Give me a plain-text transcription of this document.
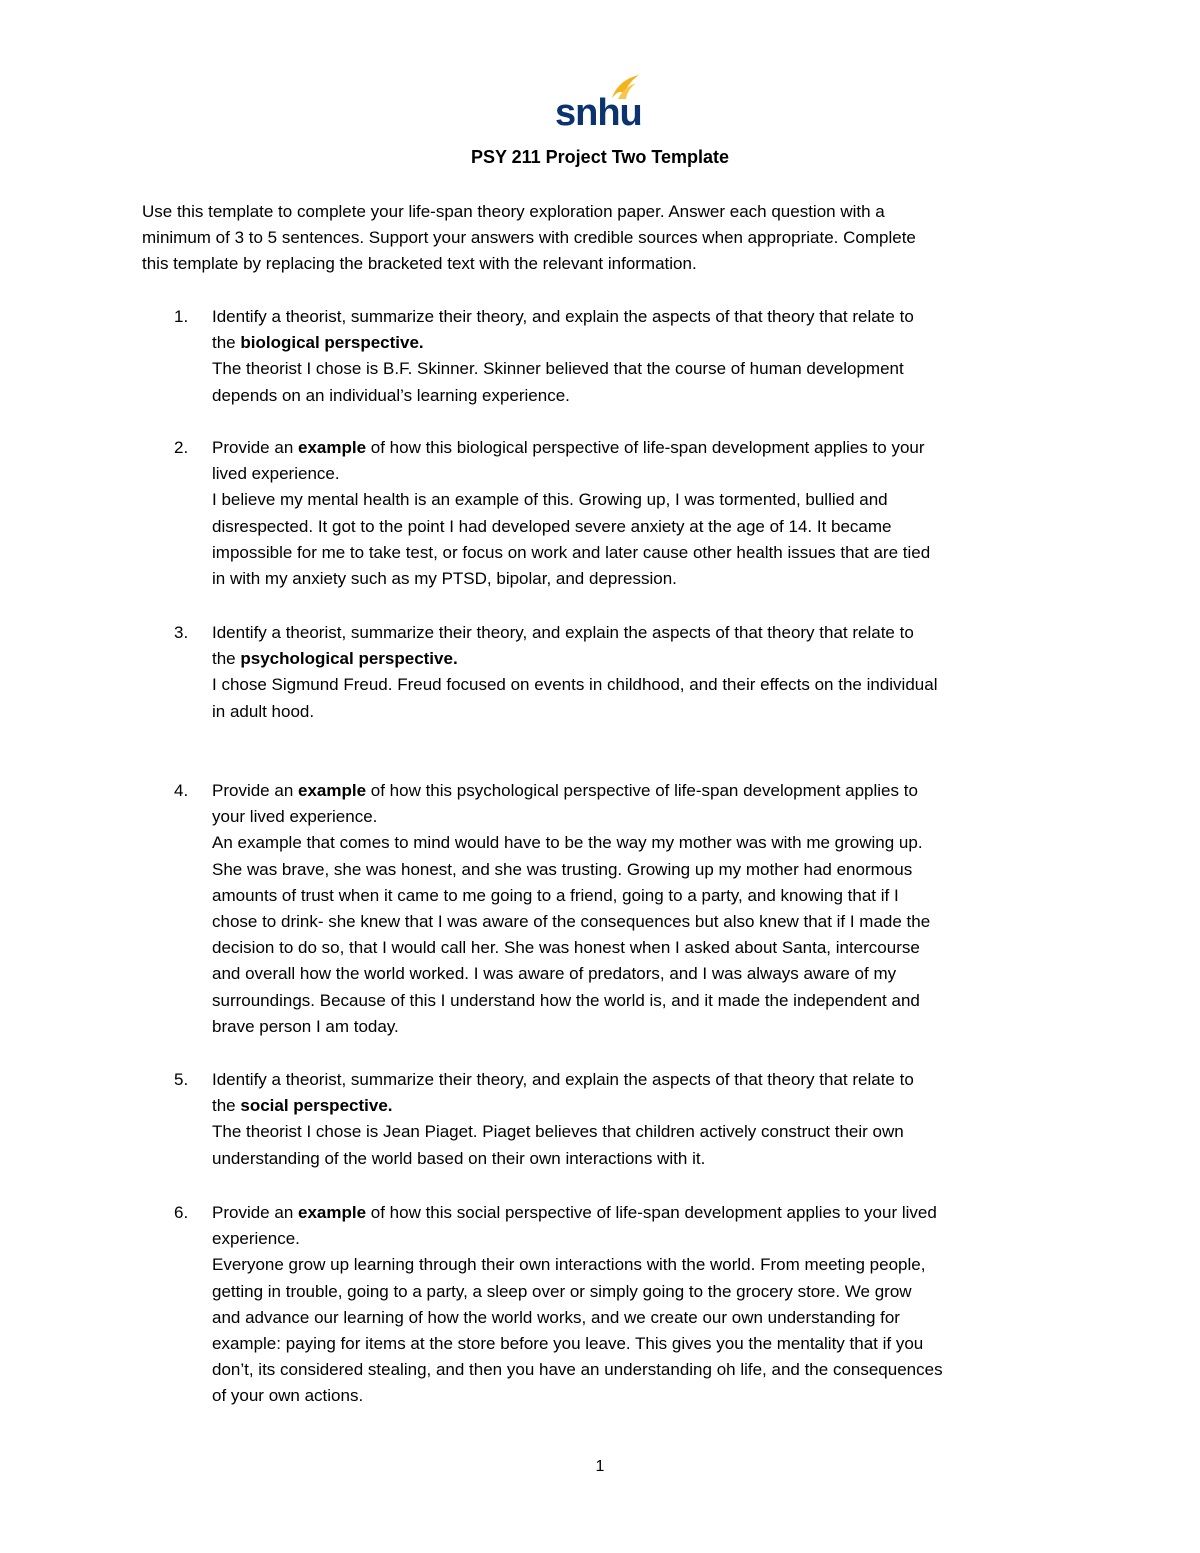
snhu
PSY 211 Project Two Template

Use this template to complete your life-span theory exploration paper. Answer each question with a
minimum of 3 to 5 sentences. Support your answers with credible sources when appropriate. Complete
this template by replacing the bracketed text with the relevant information.

1. Identify a theorist, summarize their theory, and explain the aspects of that theory that relate to
the biological perspective.
The theorist I chose is B.F. Skinner. Skinner believed that the course of human development
depends on an individual’s learning experience.
2. Provide an example of how this biological perspective of life-span development applies to your
lived experience.
I believe my mental health is an example of this. Growing up, I was tormented, bullied and
disrespected. It got to the point I had developed severe anxiety at the age of 14. It became
impossible for me to take test, or focus on work and later cause other health issues that are tied
in with my anxiety such as my PTSD, bipolar, and depression.
3. Identify a theorist, summarize their theory, and explain the aspects of that theory that relate to
the psychological perspective.
I chose Sigmund Freud. Freud focused on events in childhood, and their effects on the individual
in adult hood.
4. Provide an example of how this psychological perspective of life-span development applies to
your lived experience.
An example that comes to mind would have to be the way my mother was with me growing up.
She was brave, she was honest, and she was trusting. Growing up my mother had enormous
amounts of trust when it came to me going to a friend, going to a party, and knowing that if I
chose to drink- she knew that I was aware of the consequences but also knew that if I made the
decision to do so, that I would call her. She was honest when I asked about Santa, intercourse
and overall how the world worked. I was aware of predators, and I was always aware of my
surroundings. Because of this I understand how the world is, and it made the independent and
brave person I am today.
5. Identify a theorist, summarize their theory, and explain the aspects of that theory that relate to
the social perspective.
The theorist I chose is Jean Piaget. Piaget believes that children actively construct their own
understanding of the world based on their own interactions with it.
6. Provide an example of how this social perspective of life-span development applies to your lived
experience.
Everyone grow up learning through their own interactions with the world. From meeting people,
getting in trouble, going to a party, a sleep over or simply going to the grocery store. We grow
and advance our learning of how the world works, and we create our own understanding for
example: paying for items at the store before you leave. This gives you the mentality that if you
don’t, its considered stealing, and then you have an understanding oh life, and the consequences
of your own actions.
1
